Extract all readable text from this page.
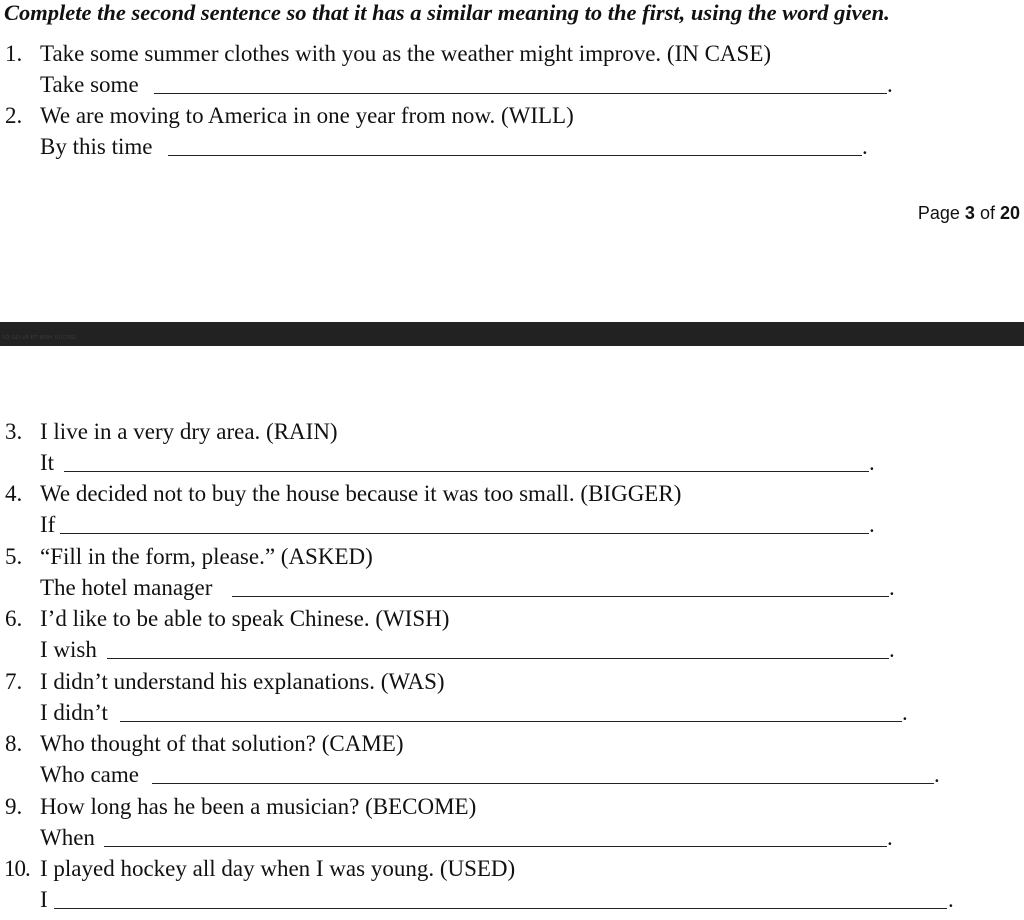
Complete the second sentence so that it has a similar meaning to the first, using the word given.
1. Take some summer clothes with you as the weather might improve. (IN CASE)
Take some	.
2. We are moving to America in one year from now. (WILL)
By this time	.
Page 3 of 20
SỞ GD VÀ ĐT BÌNH DƯƠNG
3. I live in a very dry area. (RAIN)
It	.
4. We decided not to buy the house because it was too small. (BIGGER)
If	.
5. “Fill in the form, please.” (ASKED)
The hotel manager	.
6. I’d like to be able to speak Chinese. (WISH)
I wish	.
7. I didn’t understand his explanations. (WAS)
I didn’t	.
8. Who thought of that solution? (CAME)
Who came	.
9. How long has he been a musician? (BECOME)
When	.
10. I played hockey all day when I was young. (USED)
I	.
